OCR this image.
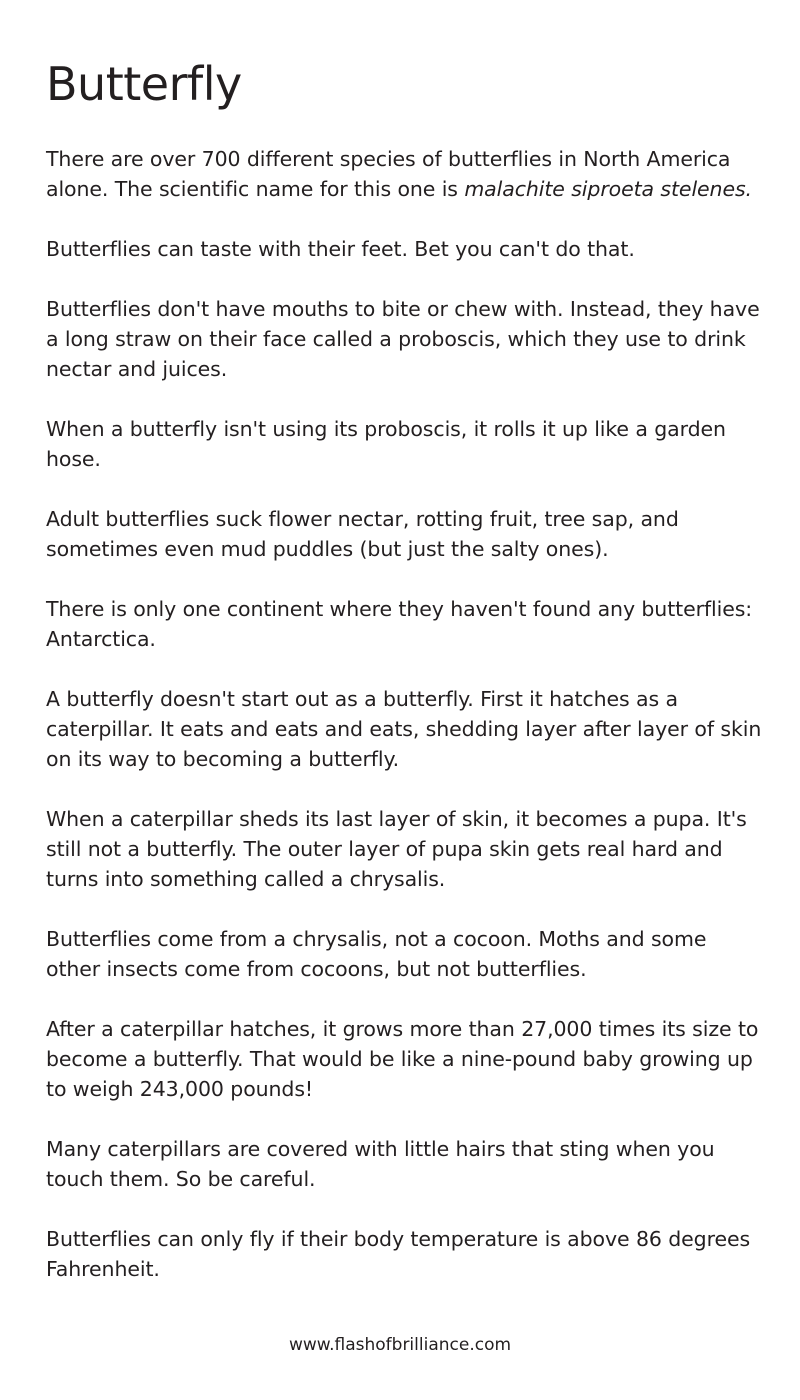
Butterfly

There are over 700 different species of butterflies in North America alone. The scientific name for this one is malachite siproeta stelenes.

Butterflies can taste with their feet. Bet you can't do that.

Butterflies don't have mouths to bite or chew with. Instead, they have a long straw on their face called a proboscis, which they use to drink nectar and juices.

When a butterfly isn't using its proboscis, it rolls it up like a garden hose.

Adult butterflies suck flower nectar, rotting fruit, tree sap, and sometimes even mud puddles (but just the salty ones).

There is only one continent where they haven't found any butterflies: Antarctica.

A butterfly doesn't start out as a butterfly. First it hatches as a caterpillar. It eats and eats and eats, shedding layer after layer of skin on its way to becoming a butterfly.

When a caterpillar sheds its last layer of skin, it becomes a pupa. It's still not a butterfly. The outer layer of pupa skin gets real hard and turns into something called a chrysalis.

Butterflies come from a chrysalis, not a cocoon. Moths and some other insects come from cocoons, but not butterflies.

After a caterpillar hatches, it grows more than 27,000 times its size to become a butterfly. That would be like a nine-pound baby growing up to weigh 243,000 pounds!

Many caterpillars are covered with little hairs that sting when you touch them. So be careful.

Butterflies can only fly if their body temperature is above 86 degrees Fahrenheit.

www.flashofbrilliance.com
